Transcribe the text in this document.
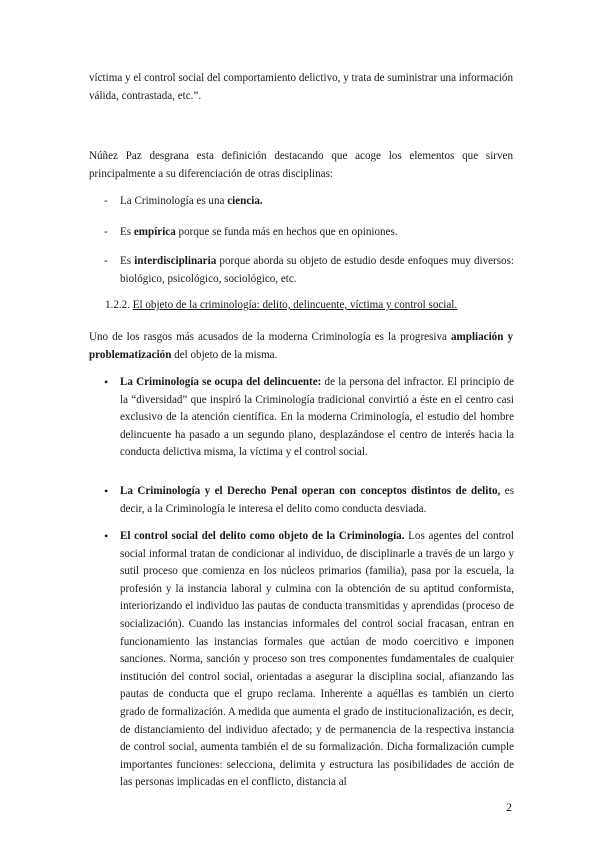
víctima y el control social del comportamiento delictivo, y trata de suministrar una información válida, contrastada, etc.”.

Núñez Paz desgrana esta definición destacando que acoge los elementos que sirven principalmente a su diferenciación de otras disciplinas:

- La Criminología es una ciencia.
- Es empírica porque se funda más en hechos que en opiniones.
- Es interdisciplinaria porque aborda su objeto de estudio desde enfoques muy diversos: biológico, psicológico, sociológico, etc.
1.2.2. El objeto de la criminología: delito, delincuente, víctima y control social.

Uno de los rasgos más acusados de la moderna Criminología es la progresiva ampliación y problematización del objeto de la misma.

• La Criminología se ocupa del delincuente: de la persona del infractor. El principio de la “diversidad” que inspiró la Criminología tradicional convirtió a éste en el centro casi exclusivo de la atención científica. En la moderna Criminología, el estudio del hombre delincuente ha pasado a un segundo plano, desplazándose el centro de interés hacia la conducta delictiva misma, la víctima y el control social.
• La Criminología y el Derecho Penal operan con conceptos distintos de delito, es decir, a la Criminología le interesa el delito como conducta desviada.
• El control social del delito como objeto de la Criminología. Los agentes del control social informal tratan de condicionar al individuo, de disciplinarle a través de un largo y sutil proceso que comienza en los núcleos primarios (familia), pasa por la escuela, la profesión y la instancia laboral y culmina con la obtención de su aptitud conformista, interiorizando el individuo las pautas de conducta transmitidas y aprendidas (proceso de socialización). Cuando las instancias informales del control social fracasan, entran en funcionamiento las instancias formales que actúan de modo coercitivo e imponen sanciones. Norma, sanción y proceso son tres componentes fundamentales de cualquier institución del control social, orientadas a asegurar la disciplina social, afianzando las pautas de conducta que el grupo reclama. Inherente a aquéllas es también un cierto grado de formalización. A medida que aumenta el grado de institucionalización, es decir, de distanciamiento del individuo afectado; y de permanencia de la respectiva instancia de control social, aumenta también el de su formalización. Dicha formalización cumple importantes funciones: selecciona, delimita y estructura las posibilidades de acción de las personas implicadas en el conflicto, distancia al
2
